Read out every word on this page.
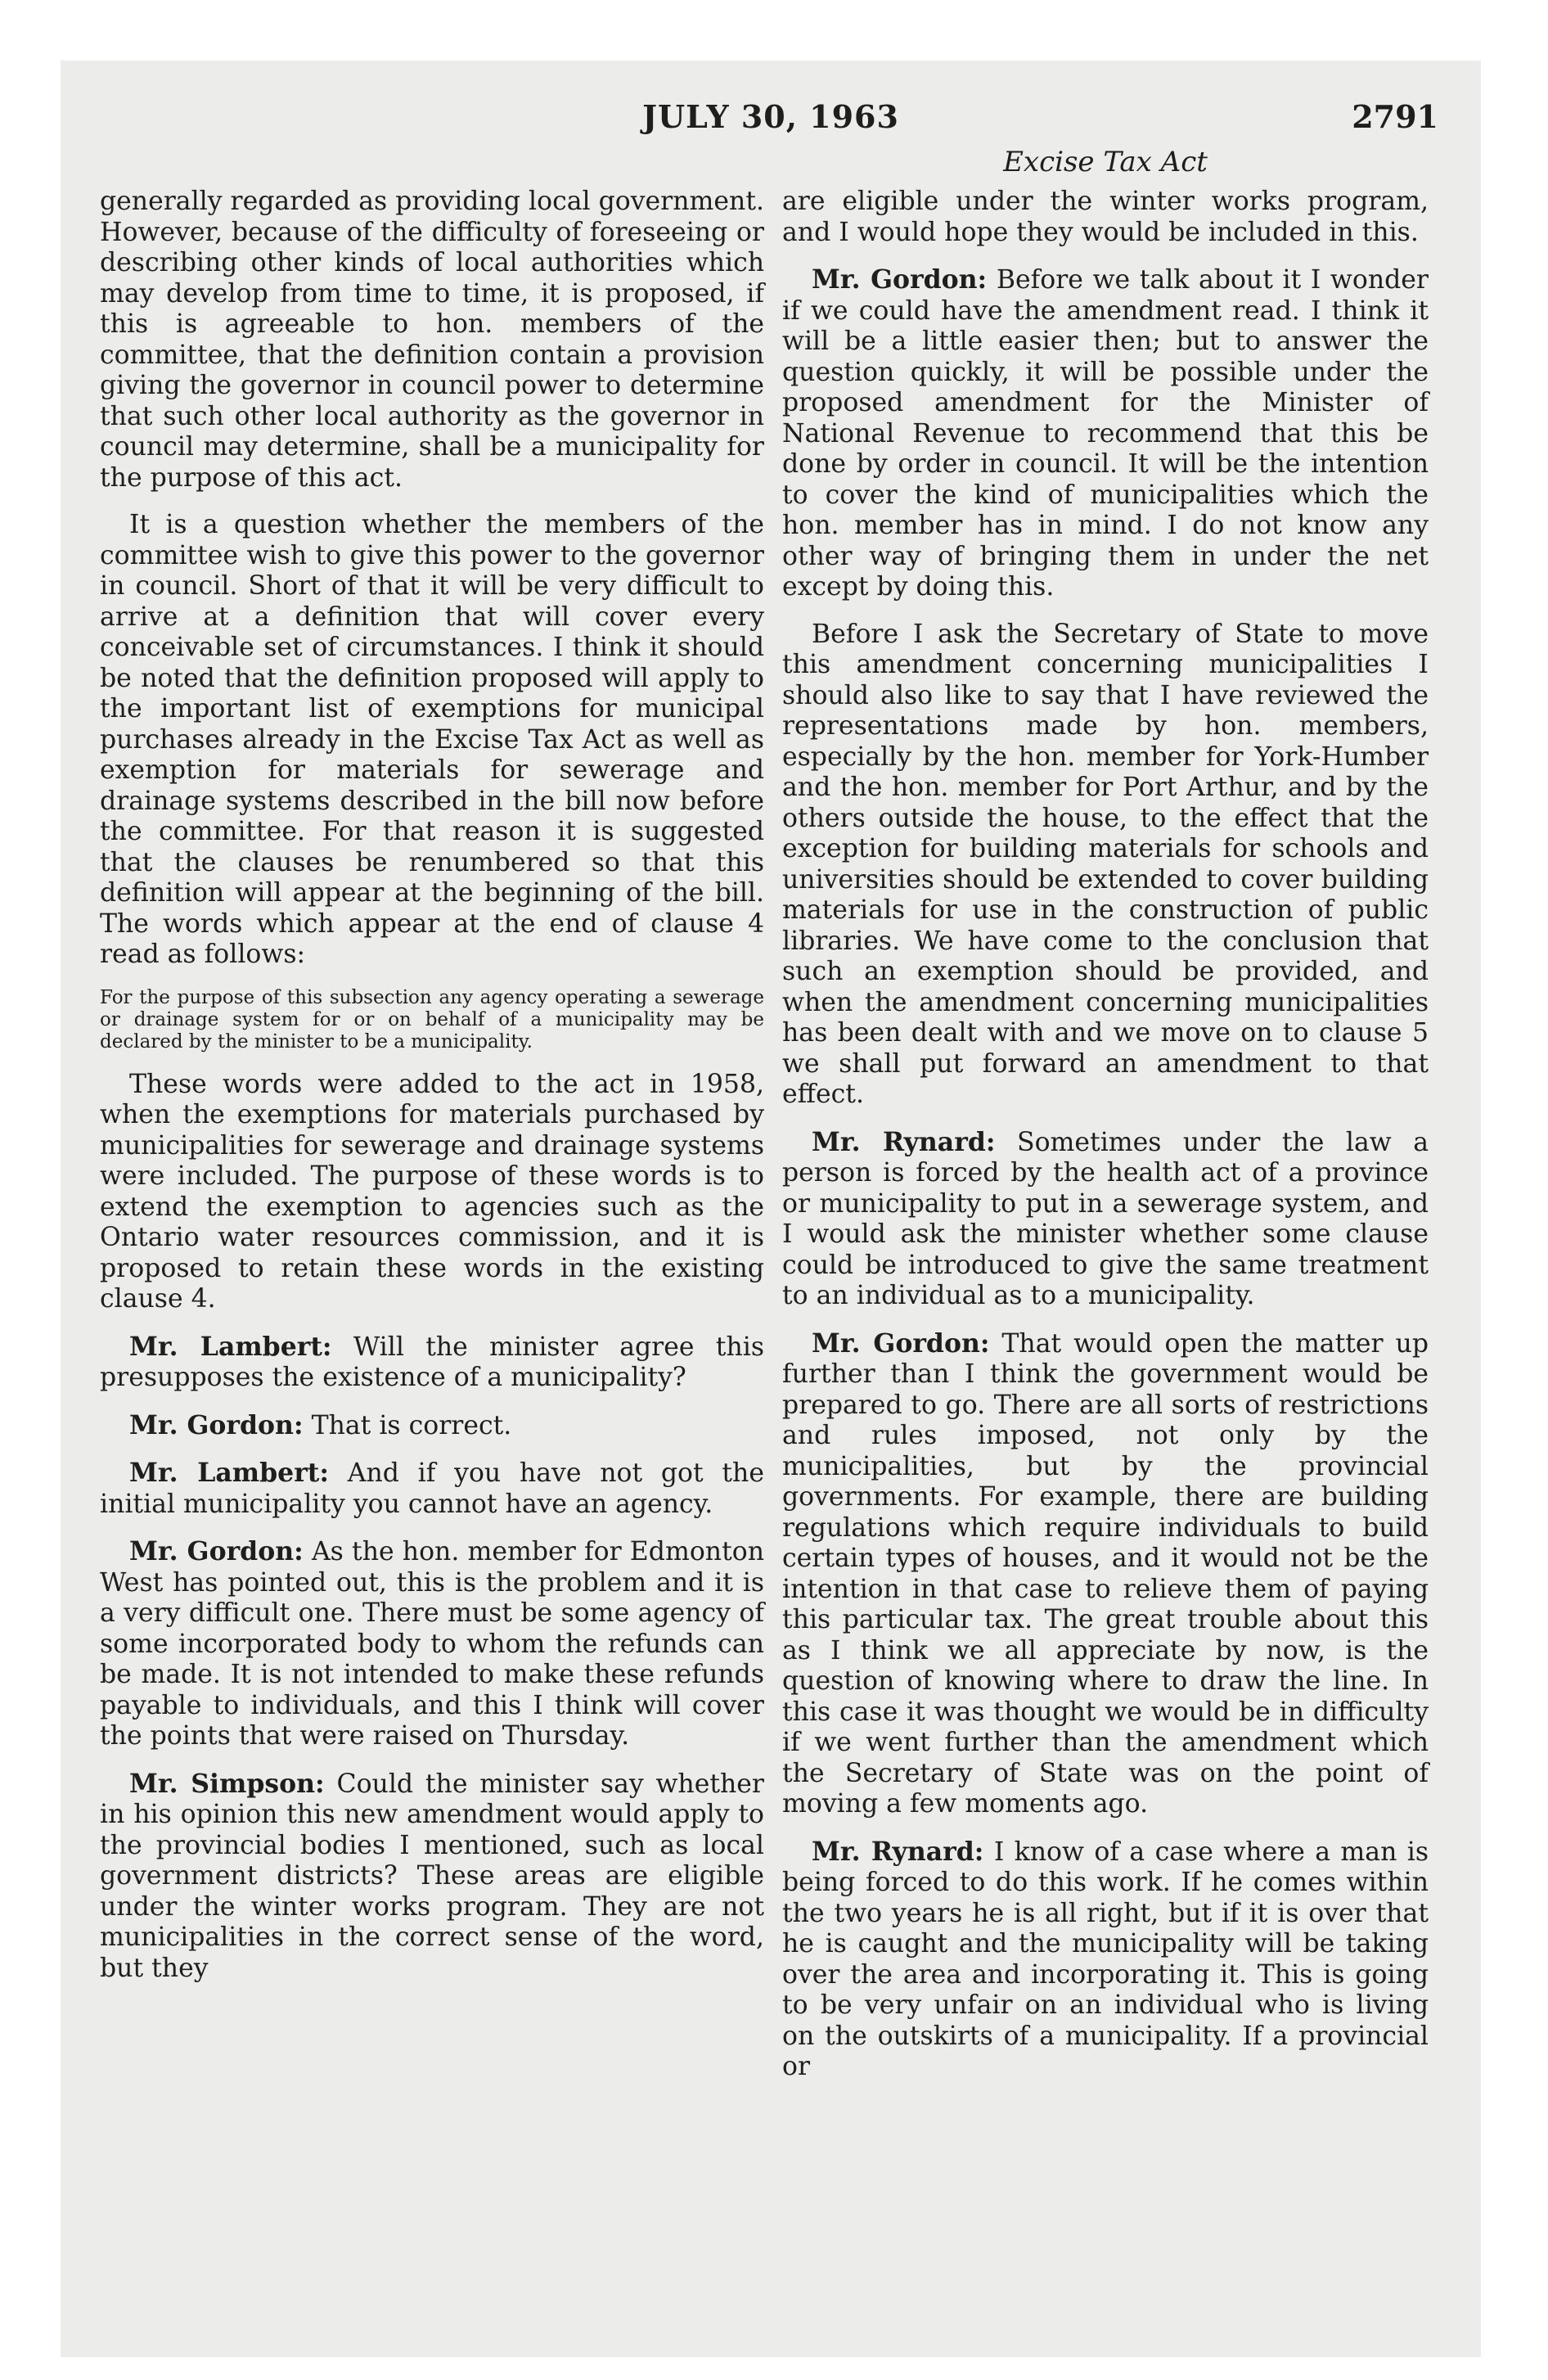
JULY 30, 1963	2791
Excise Tax Act

generally regarded as providing local government. However, because of the difficulty of foreseeing or describing other kinds of local authorities which may develop from time to time, it is proposed, if this is agreeable to hon. members of the committee, that the definition contain a provision giving the governor in council power to determine that such other local authority as the governor in council may determine, shall be a municipality for the purpose of this act.

It is a question whether the members of the committee wish to give this power to the governor in council. Short of that it will be very difficult to arrive at a definition that will cover every conceivable set of circumstances. I think it should be noted that the definition proposed will apply to the important list of exemptions for municipal purchases already in the Excise Tax Act as well as exemption for materials for sewerage and drainage systems described in the bill now before the committee. For that reason it is suggested that the clauses be renumbered so that this definition will appear at the beginning of the bill. The words which appear at the end of clause 4 read as follows:

For the purpose of this subsection any agency operating a sewerage or drainage system for or on behalf of a municipality may be declared by the minister to be a municipality.

These words were added to the act in 1958, when the exemptions for materials purchased by municipalities for sewerage and drainage systems were included. The purpose of these words is to extend the exemption to agencies such as the Ontario water resources commission, and it is proposed to retain these words in the existing clause 4.

Mr. Lambert: Will the minister agree this presupposes the existence of a municipality?

Mr. Gordon: That is correct.

Mr. Lambert: And if you have not got the initial municipality you cannot have an agency.

Mr. Gordon: As the hon. member for Edmonton West has pointed out, this is the problem and it is a very difficult one. There must be some agency of some incorporated body to whom the refunds can be made. It is not intended to make these refunds payable to individuals, and this I think will cover the points that were raised on Thursday.

Mr. Simpson: Could the minister say whether in his opinion this new amendment would apply to the provincial bodies I mentioned, such as local government districts? These areas are eligible under the winter works program. They are not municipalities in the correct sense of the word, but they

are eligible under the winter works program, and I would hope they would be included in this.

Mr. Gordon: Before we talk about it I wonder if we could have the amendment read. I think it will be a little easier then; but to answer the question quickly, it will be possible under the proposed amendment for the Minister of National Revenue to recommend that this be done by order in council. It will be the intention to cover the kind of municipalities which the hon. member has in mind. I do not know any other way of bringing them in under the net except by doing this.

Before I ask the Secretary of State to move this amendment concerning municipalities I should also like to say that I have reviewed the representations made by hon. members, especially by the hon. member for York-Humber and the hon. member for Port Arthur, and by the others outside the house, to the effect that the exception for building materials for schools and universities should be extended to cover building materials for use in the construction of public libraries. We have come to the conclusion that such an exemption should be provided, and when the amendment concerning municipalities has been dealt with and we move on to clause 5 we shall put forward an amendment to that effect.

Mr. Rynard: Sometimes under the law a person is forced by the health act of a province or municipality to put in a sewerage system, and I would ask the minister whether some clause could be introduced to give the same treatment to an individual as to a municipality.

Mr. Gordon: That would open the matter up further than I think the government would be prepared to go. There are all sorts of restrictions and rules imposed, not only by the municipalities, but by the provincial governments. For example, there are building regulations which require individuals to build certain types of houses, and it would not be the intention in that case to relieve them of paying this particular tax. The great trouble about this as I think we all appreciate by now, is the question of knowing where to draw the line. In this case it was thought we would be in difficulty if we went further than the amendment which the Secretary of State was on the point of moving a few moments ago.

Mr. Rynard: I know of a case where a man is being forced to do this work. If he comes within the two years he is all right, but if it is over that he is caught and the municipality will be taking over the area and incorporating it. This is going to be very unfair on an individual who is living on the outskirts of a municipality. If a provincial or
